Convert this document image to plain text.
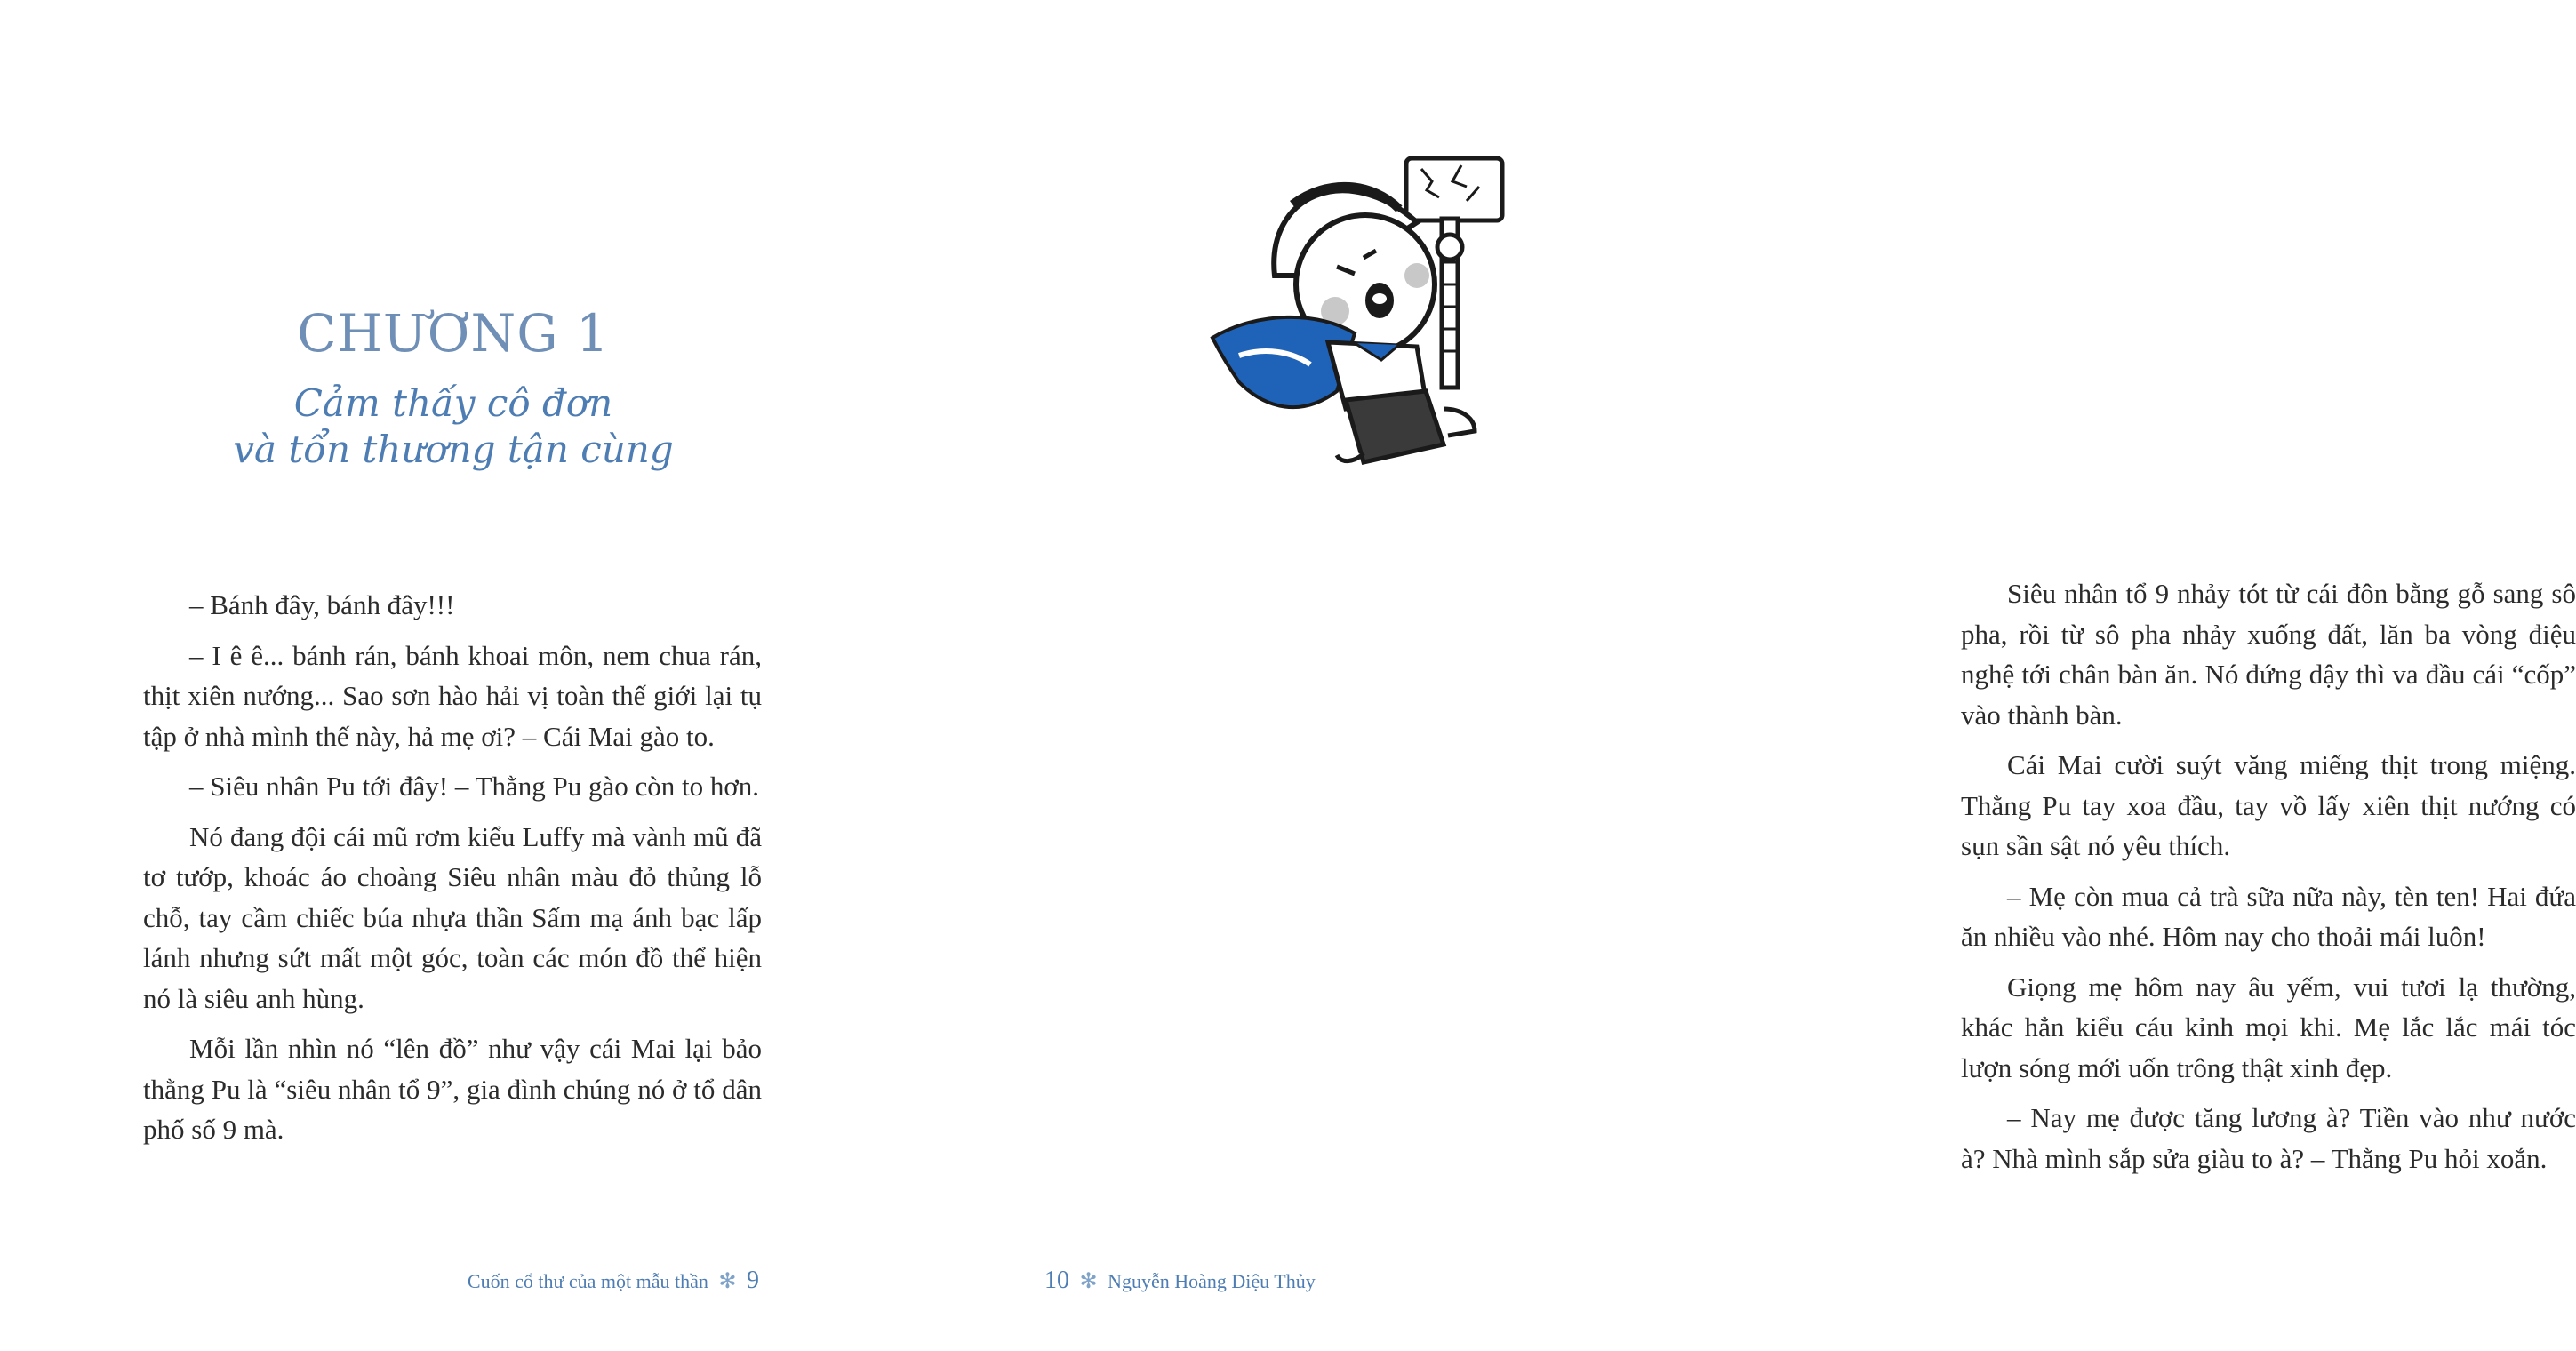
CHƯƠNG 1
Cảm thấy cô đơn
và tổn thương tận cùng

– Bánh đây, bánh đây!!!

– I ê ê... bánh rán, bánh khoai môn, nem chua rán, thịt xiên nướng... Sao sơn hào hải vị toàn thế giới lại tụ tập ở nhà mình thế này, hả mẹ ơi? – Cái Mai gào to.

– Siêu nhân Pu tới đây! – Thằng Pu gào còn to hơn.

Nó đang đội cái mũ rơm kiểu Luffy mà vành mũ đã tơ tướp, khoác áo choàng Siêu nhân màu đỏ thủng lỗ chỗ, tay cầm chiếc búa nhựa thần Sấm mạ ánh bạc lấp lánh nhưng sứt mất một góc, toàn các món đồ thể hiện nó là siêu anh hùng.

Mỗi lần nhìn nó “lên đồ” như vậy cái Mai lại bảo thằng Pu là “siêu nhân tổ 9”, gia đình chúng nó ở tổ dân phố số 9 mà.

Cuốn cổ thư của một mẫu thần ✻ 9

Siêu nhân tổ 9 nhảy tót từ cái đôn bằng gỗ sang sô pha, rồi từ sô pha nhảy xuống đất, lăn ba vòng điệu nghệ tới chân bàn ăn. Nó đứng dậy thì va đầu cái “cốp” vào thành bàn.

Cái Mai cười suýt văng miếng thịt trong miệng. Thằng Pu tay xoa đầu, tay vồ lấy xiên thịt nướng có sụn sần sật nó yêu thích.

– Mẹ còn mua cả trà sữa nữa này, tèn ten! Hai đứa ăn nhiều vào nhé. Hôm nay cho thoải mái luôn!

Giọng mẹ hôm nay âu yếm, vui tươi lạ thường, khác hẳn kiểu cáu kỉnh mọi khi. Mẹ lắc lắc mái tóc lượn sóng mới uốn trông thật xinh đẹp.

– Nay mẹ được tăng lương à? Tiền vào như nước à? Nhà mình sắp sửa giàu to à? – Thằng Pu hỏi xoắn.

10 ✻ Nguyễn Hoàng Diệu Thủy
